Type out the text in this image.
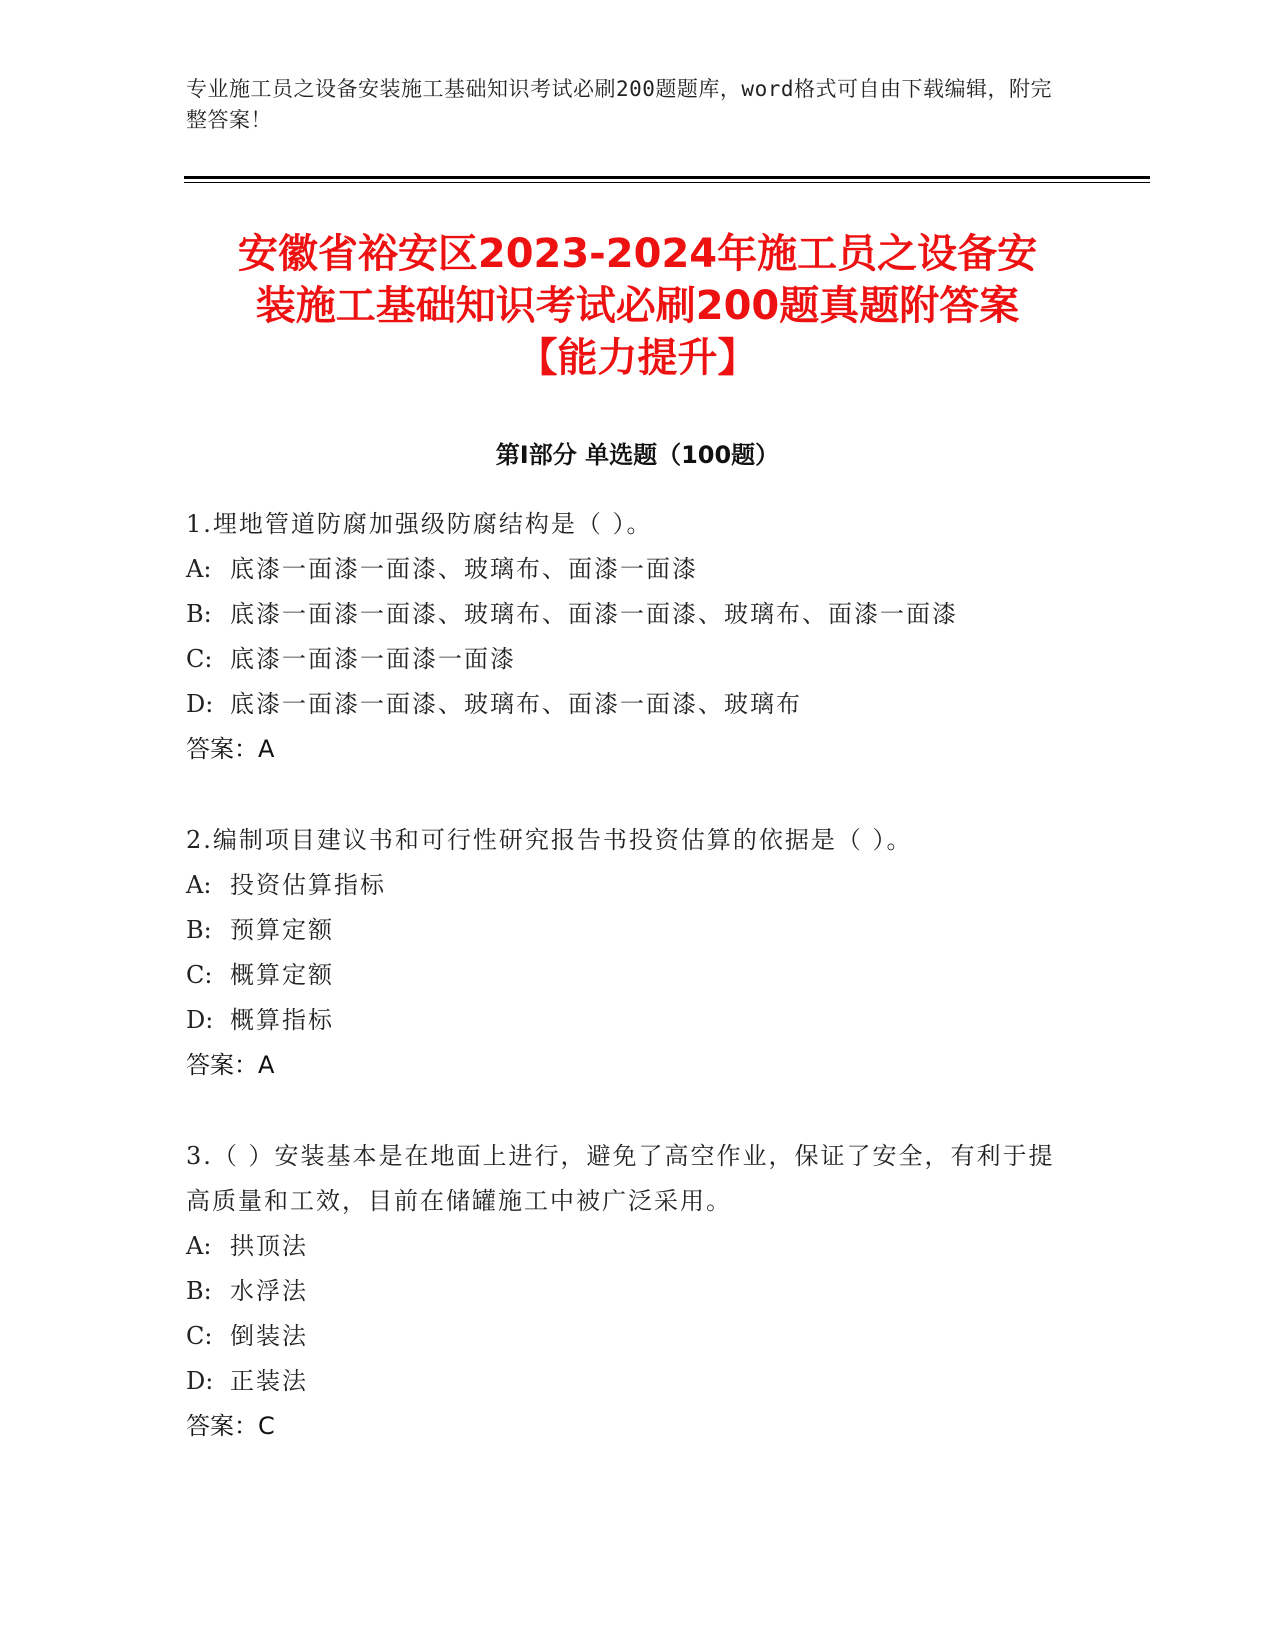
专业施工员之设备安装施工基础知识考试必刷200题题库，word格式可自由下载编辑，附完整答案！
安徽省裕安区2023-2024年施工员之设备安
装施工基础知识考试必刷200题真题附答案
【能力提升】
第Ⅰ部分 单选题（100题）
1.埋地管道防腐加强级防腐结构是（ ）。
A: 底漆一面漆一面漆、玻璃布、面漆一面漆
B: 底漆一面漆一面漆、玻璃布、面漆一面漆、玻璃布、面漆一面漆
C: 底漆一面漆一面漆一面漆
D: 底漆一面漆一面漆、玻璃布、面漆一面漆、玻璃布
答案：A
2.编制项目建议书和可行性研究报告书投资估算的依据是（ ）。
A: 投资估算指标
B: 预算定额
C: 概算定额
D: 概算指标
答案：A
3.（ ）安装基本是在地面上进行，避免了高空作业，保证了安全，有利于提高质量和工效，目前在储罐施工中被广泛采用。
A: 拱顶法
B: 水浮法
C: 倒装法
D: 正装法
答案：C
